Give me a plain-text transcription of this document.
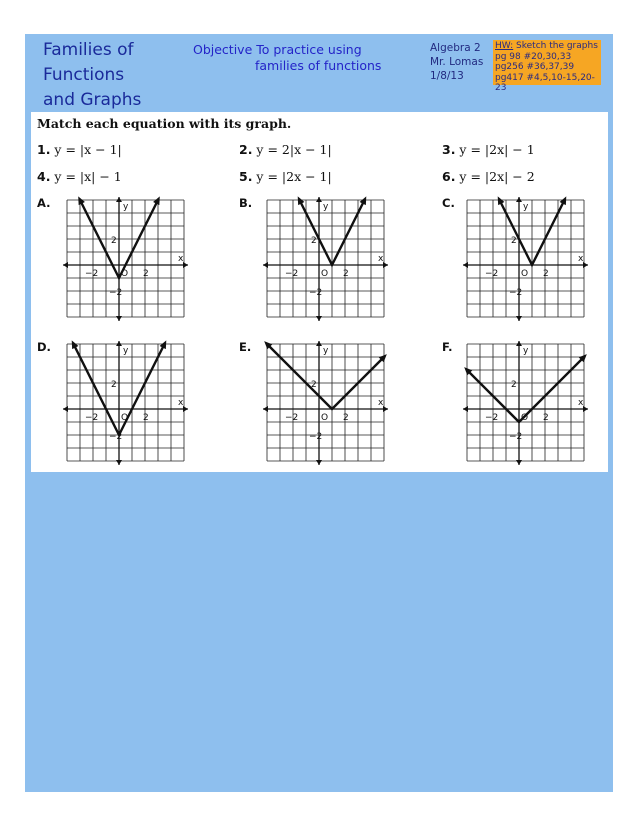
Families of
Functions
and Graphs
Objective To practice using
families of functions
Algebra 2
Mr. Lomas
1/8/13
HW: Sketch the graphs
pg 98 #20,30,33
pg256 #36,37,39
pg417 #4,5,10-15,20-23
Match each equation with its graph.
1. y = |x − 1|	2. y = 2|x − 1|	3. y = |2x| − 1
4. y = |x| − 1	5. y = |2x − 1|	6. y = |2x| − 2
A.	y
x
O
−2	2
2
−2
B.	y
x
O
−2	2
2
−2
C.	y
x
O
−2	2
2
−2
D.	y
x
O
−2	2
2
−2
E.	y
x
O
−2	2
2
−2
F.	y
x
O
−2	2
2
−2
